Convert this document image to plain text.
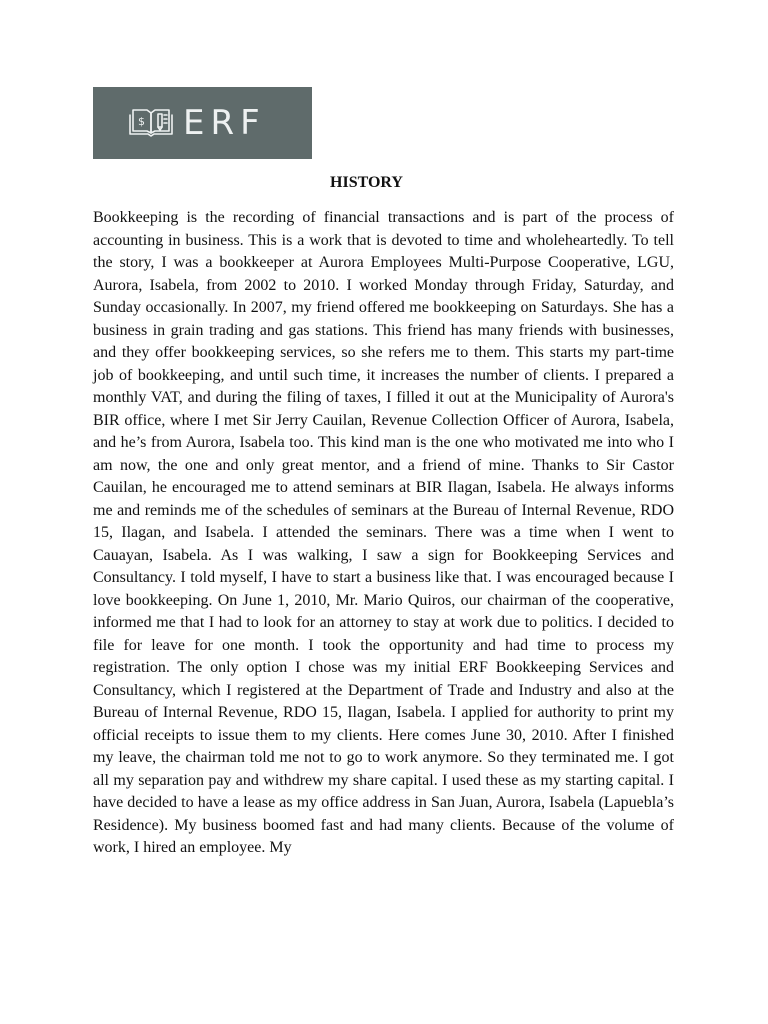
$ ERF
HISTORY

Bookkeeping is the recording of financial transactions and is part of the process of accounting in business. This is a work that is devoted to time and wholeheartedly. To tell the story, I was a bookkeeper at Aurora Employees Multi-Purpose Cooperative, LGU, Aurora, Isabela, from 2002 to 2010. I worked Monday through Friday, Saturday, and Sunday occasionally. In 2007, my friend offered me bookkeeping on Saturdays. She has a business in grain trading and gas stations. This friend has many friends with businesses, and they offer bookkeeping services, so she refers me to them. This starts my part-time job of bookkeeping, and until such time, it increases the number of clients. I prepared a monthly VAT, and during the filing of taxes, I filled it out at the Municipality of Aurora's BIR office, where I met Sir Jerry Cauilan, Revenue Collection Officer of Aurora, Isabela, and he’s from Aurora, Isabela too. This kind man is the one who motivated me into who I am now, the one and only great mentor, and a friend of mine. Thanks to Sir Castor Cauilan, he encouraged me to attend seminars at BIR Ilagan, Isabela. He always informs me and reminds me of the schedules of seminars at the Bureau of Internal Revenue, RDO 15, Ilagan, and Isabela. I attended the seminars. There was a time when I went to Cauayan, Isabela. As I was walking, I saw a sign for Bookkeeping Services and Consultancy. I told myself, I have to start a business like that. I was encouraged because I love bookkeeping. On June 1, 2010, Mr. Mario Quiros, our chairman of the cooperative, informed me that I had to look for an attorney to stay at work due to politics. I decided to file for leave for one month. I took the opportunity and had time to process my registration. The only option I chose was my initial ERF Bookkeeping Services and Consultancy, which I registered at the Department of Trade and Industry and also at the Bureau of Internal Revenue, RDO 15, Ilagan, Isabela. I applied for authority to print my official receipts to issue them to my clients. Here comes June 30, 2010. After I finished my leave, the chairman told me not to go to work anymore. So they terminated me. I got all my separation pay and withdrew my share capital. I used these as my starting capital. I have decided to have a lease as my office address in San Juan, Aurora, Isabela (Lapuebla’s Residence). My business boomed fast and had many clients. Because of the volume of work, I hired an employee. My
